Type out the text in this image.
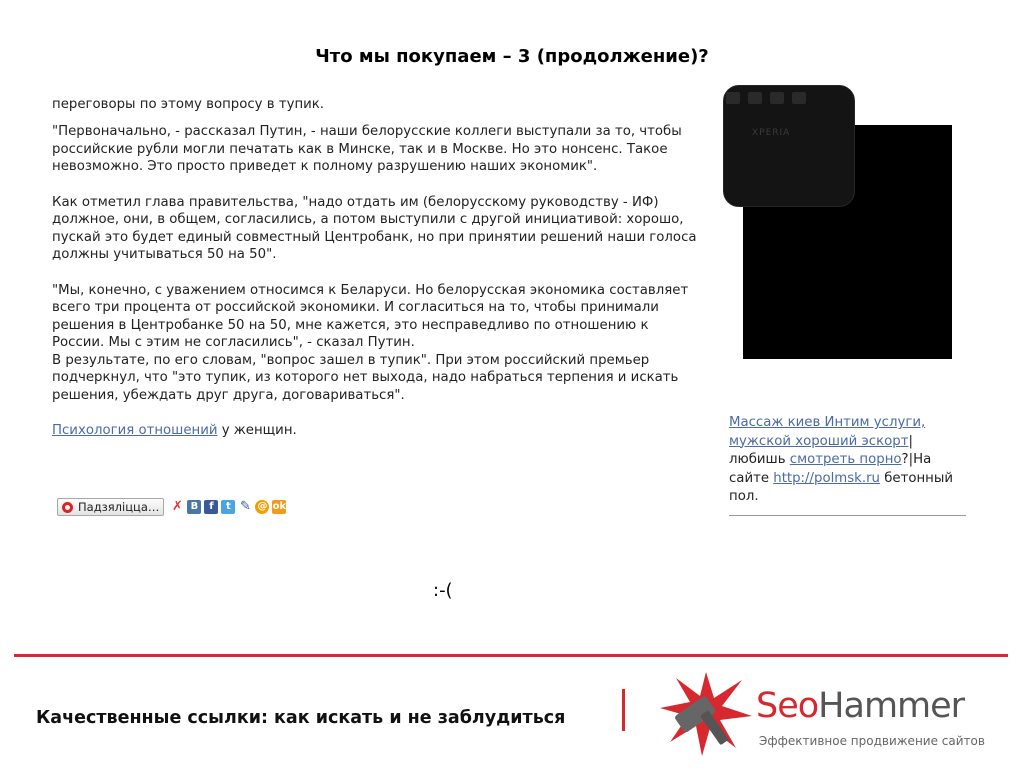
Что мы покупаем – 3 (продолжение)?
переговоры по этому вопросу в тупик.

"Первоначально, - рассказал Путин, - наши белорусские коллеги выступали за то, чтобы российские рубли могли печатать как в Минске, так и в Москве. Но это нонсенс. Такое невозможно. Это просто приведет к полному разрушению наших экономик".

Как отметил глава правительства, "надо отдать им (белорусскому руководству - ИФ) должное, они, в общем, согласились, а потом выступили с другой инициативой: хорошо, пускай это будет единый совместный Центробанк, но при принятии решений наши голоса должны учитываться 50 на 50".

"Мы, конечно, с уважением относимся к Беларуси. Но белорусская экономика составляет всего три процента от российской экономики. И согласиться на то, чтобы принимали решения в Центробанке 50 на 50, мне кажется, это несправедливо по отношению к России. Мы с этим не согласились", - сказал Путин.

В результате, по его словам, "вопрос зашел в тупик". При этом российский премьер подчеркнул, что "это тупик, из которого нет выхода, надо набраться терпения и искать решения, убеждать друг друга, договариваться".

Психология отношений у женщин.

Падзяліцца… ✗ B	f	t ✎ @ ok
XPERIA
Массаж киев Интим услуги, мужской хороший эскорт|любишь смотреть порно?|На сайте http://polmsk.ru бетонный пол.
:-(
Качественные ссылки: как искать и не заблудиться	SeoHammer
Эффективное продвижение сайтов
